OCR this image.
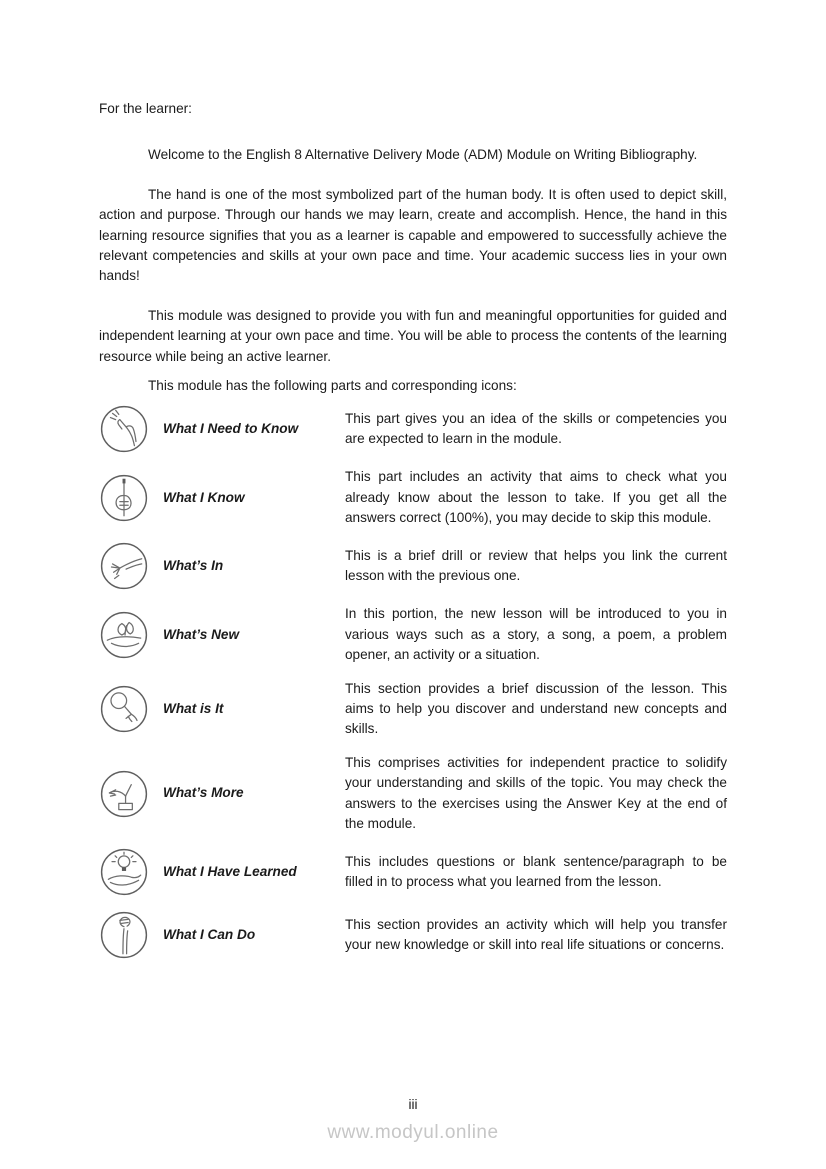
For the learner:

Welcome to the English 8 Alternative Delivery Mode (ADM) Module on Writing Bibliography.

The hand is one of the most symbolized part of the human body. It is often used to depict skill, action and purpose. Through our hands we may learn, create and accomplish. Hence, the hand in this learning resource signifies that you as a learner is capable and empowered to successfully achieve the relevant competencies and skills at your own pace and time. Your academic success lies in your own hands!

This module was designed to provide you with fun and meaningful opportunities for guided and independent learning at your own pace and time. You will be able to process the contents of the learning resource while being an active learner.

This module has the following parts and corresponding icons:

What I Need to Know
This part gives you an idea of the skills or competencies you are expected to learn in the module.
What I Know
This part includes an activity that aims to check what you already know about the lesson to take. If you get all the answers correct (100%), you may decide to skip this module.
What’s In
This is a brief drill or review that helps you link the current lesson with the previous one.
What’s New
In this portion, the new lesson will be introduced to you in various ways such as a story, a song, a poem, a problem opener, an activity or a situation.
What is It
This section provides a brief discussion of the lesson. This aims to help you discover and understand new concepts and skills.
What’s More
This comprises activities for independent practice to solidify your understanding and skills of the topic. You may check the answers to the exercises using the Answer Key at the end of the module.
What I Have Learned
This includes questions or blank sentence/paragraph to be filled in to process what you learned from the lesson.
What I Can Do
This section provides an activity which will help you transfer your new knowledge or skill into real life situations or concerns.
iii
www.modyul.online
